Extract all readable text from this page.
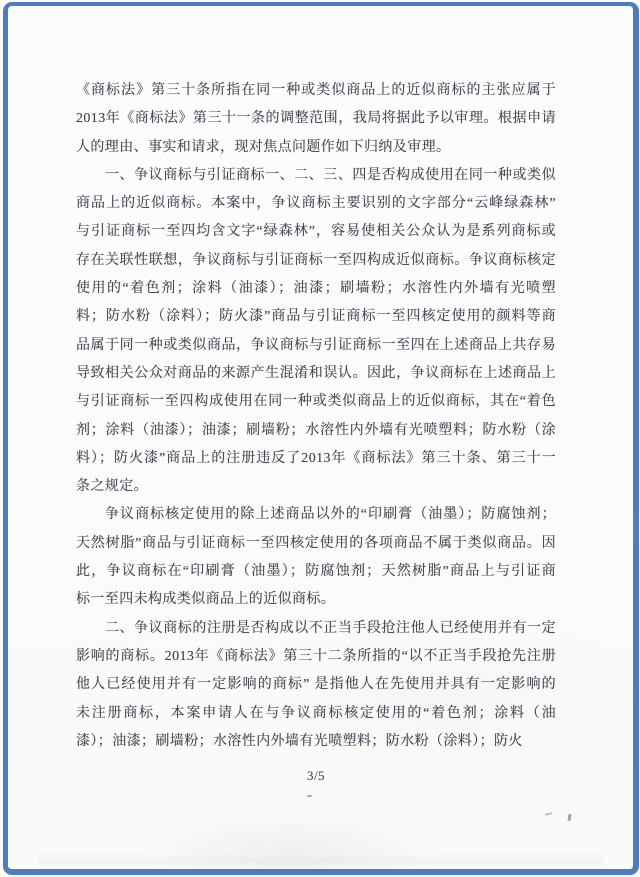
《商标法》第三十条所指在同一种或类似商品上的近似商标的主张应属于
2013年《商标法》第三十一条的调整范围，我局将据此予以审理。根据申请
人的理由、事实和请求，现对焦点问题作如下归纳及审理。
一、争议商标与引证商标一、二、三、四是否构成使用在同一种或类似
商品上的近似商标。本案中，争议商标主要识别的文字部分“云峰绿森林”
与引证商标一至四均含文字“绿森林”，容易使相关公众认为是系列商标或
存在关联性联想，争议商标与引证商标一至四构成近似商标。争议商标核定
使用的“着色剂；涂料（油漆）；油漆；刷墙粉；水溶性内外墙有光喷塑
料；防水粉（涂料）；防火漆”商品与引证商标一至四核定使用的颜料等商
品属于同一种或类似商品，争议商标与引证商标一至四在上述商品上共存易
导致相关公众对商品的来源产生混淆和误认。因此，争议商标在上述商品上
与引证商标一至四构成使用在同一种或类似商品上的近似商标，其在“着色
剂；涂料（油漆）；油漆；刷墙粉；水溶性内外墙有光喷塑料；防水粉（涂
料）；防火漆”商品上的注册违反了2013年《商标法》第三十条、第三十一
条之规定。
争议商标核定使用的除上述商品以外的“印刷膏（油墨）；防腐蚀剂；
天然树脂”商品与引证商标一至四核定使用的各项商品不属于类似商品。因
此，争议商标在“印刷膏（油墨）；防腐蚀剂；天然树脂”商品上与引证商
标一至四未构成类似商品上的近似商标。
二、争议商标的注册是否构成以不正当手段抢注他人已经使用并有一定
影响的商标。2013年《商标法》第三十二条所指的“以不正当手段抢先注册
他人已经使用并有一定影响的商标” 是指他人在先使用并具有一定影响的
未注册商标，本案申请人在与争议商标核定使用的“着色剂；涂料（油
漆）；油漆；刷墙粉；水溶性内外墙有光喷塑料；防水粉（涂料）；防火
3/5
